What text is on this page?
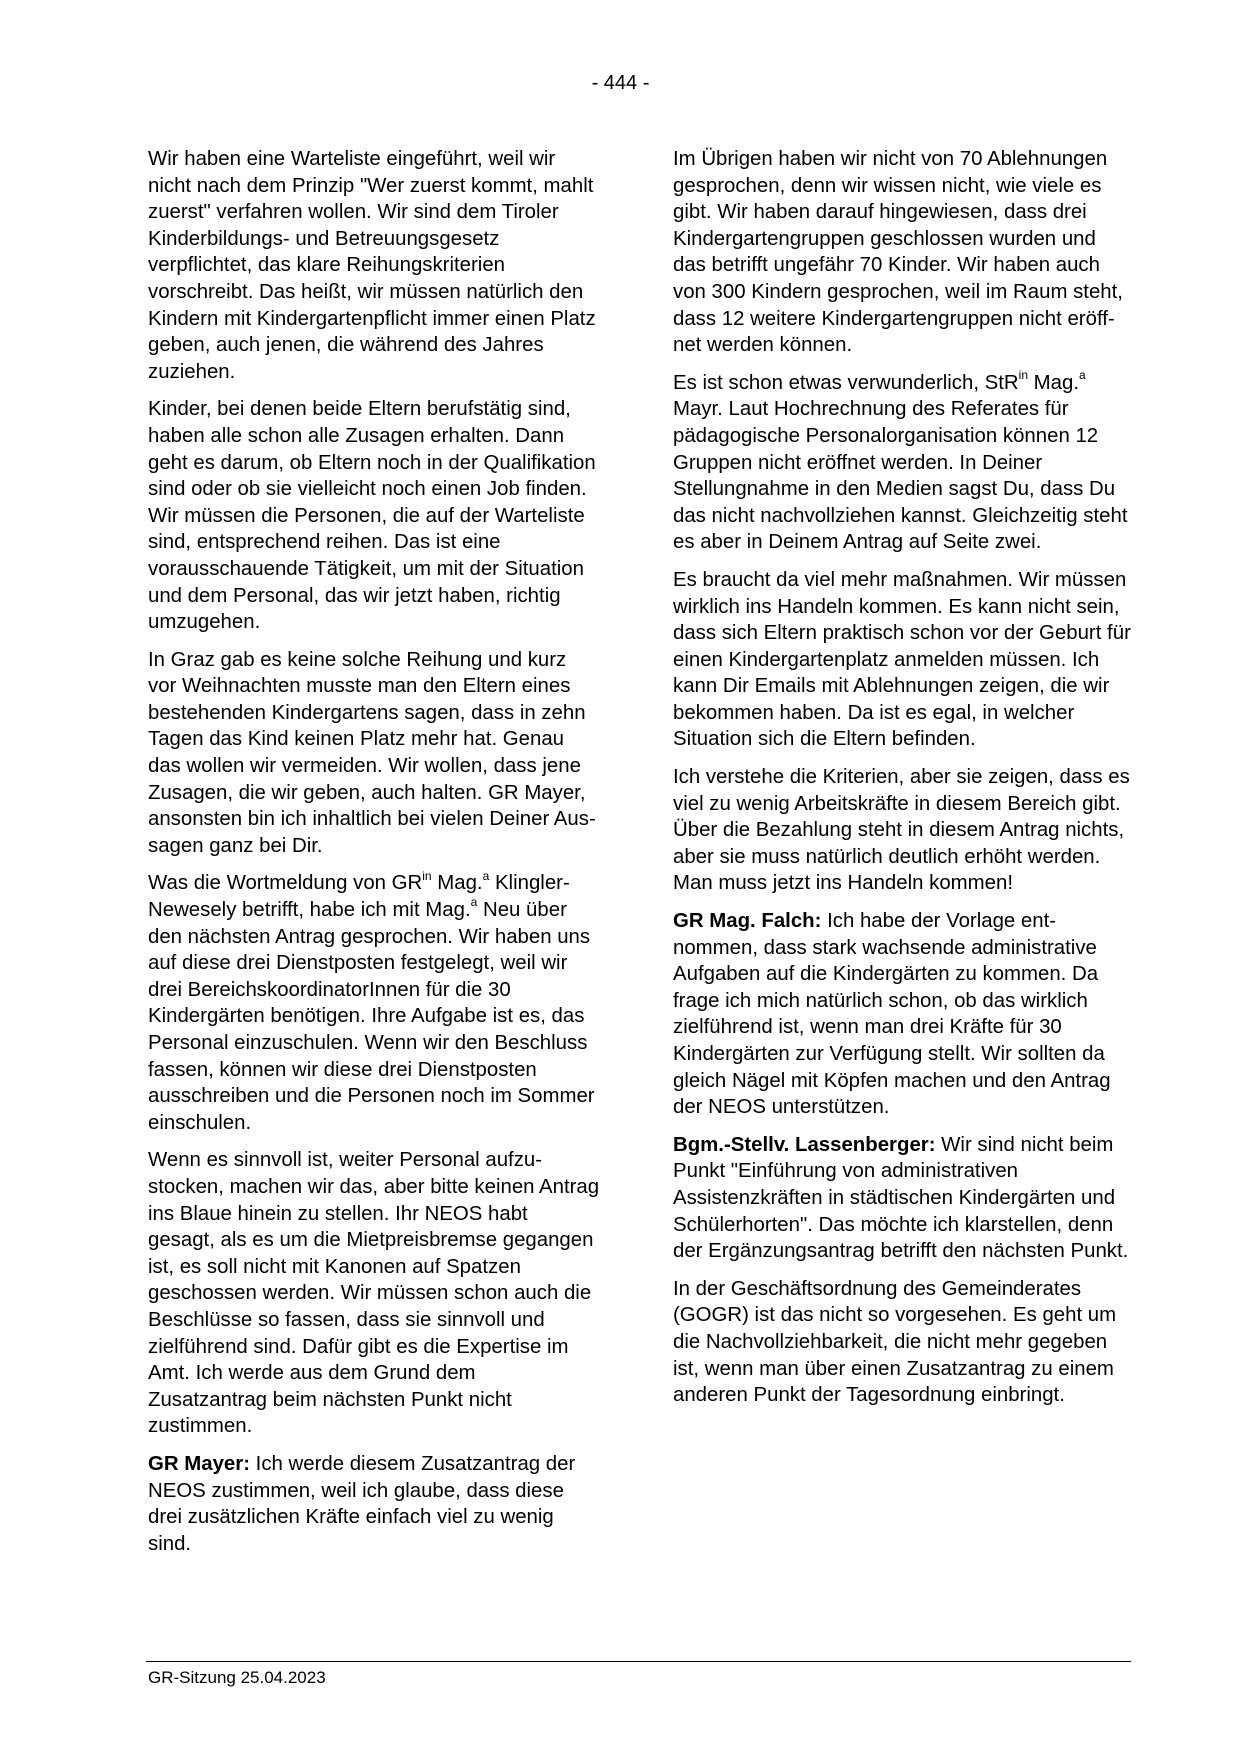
- 444 -

Wir haben eine Warteliste eingeführt, weil wir nicht nach dem Prinzip "Wer zuerst kommt, mahlt zuerst" verfahren wollen. Wir sind dem Tiroler Kinderbildungs- und Betreuungsgesetz verpflichtet, das klare Reihungskriterien vorschreibt. Das heißt, wir müssen natürlich den Kindern mit Kindergartenpflicht immer einen Platz geben, auch jenen, die während des Jahres zuziehen.

Kinder, bei denen beide Eltern berufstätig sind, haben alle schon alle Zusagen erhalten. Dann geht es darum, ob Eltern noch in der Qualifikation sind oder ob sie vielleicht noch einen Job finden. Wir müssen die Personen, die auf der Warteliste sind, entsprechend reihen. Das ist eine vorausschauende Tätigkeit, um mit der Situation und dem Personal, das wir jetzt haben, richtig umzugehen.

In Graz gab es keine solche Reihung und kurz vor Weihnachten musste man den Eltern eines bestehenden Kindergartens sagen, dass in zehn Tagen das Kind keinen Platz mehr hat. Genau das wollen wir vermeiden. Wir wollen, dass jene Zusagen, die wir geben, auch halten. GR Mayer, ansonsten bin ich inhaltlich bei vielen Deiner Aussagen ganz bei Dir.

Was die Wortmeldung von $GR^{in}$ Mag.$^a$ Klingler-Newesely betrifft, habe ich mit Mag.$^a$ Neu über den nächsten Antrag gesprochen. Wir haben uns auf diese drei Dienstposten festgelegt, weil wir drei BereichskoordinatorInnen für die 30 Kindergärten benötigen. Ihre Aufgabe ist es, das Personal einzuschulen. Wenn wir den Beschluss fassen, können wir diese drei Dienstposten ausschreiben und die Personen noch im Sommer einschulen.

Wenn es sinnvoll ist, weiter Personal aufzustocken, machen wir das, aber bitte keinen Antrag ins Blaue hinein zu stellen. Ihr NEOS habt gesagt, als es um die Mietpreisbremse gegangen ist, es soll nicht mit Kanonen auf Spatzen geschossen werden. Wir müssen schon auch die Beschlüsse so fassen, dass sie sinnvoll und zielführend sind. Dafür gibt es die Expertise im Amt. Ich werde aus dem Grund dem Zusatzantrag beim nächsten Punkt nicht zustimmen.

GR Mayer: Ich werde diesem Zusatzantrag der NEOS zustimmen, weil ich glaube, dass diese drei zusätzlichen Kräfte einfach viel zu wenig sind.

Im Übrigen haben wir nicht von 70 Ablehnungen gesprochen, denn wir wissen nicht, wie viele es gibt. Wir haben darauf hingewiesen, dass drei Kindergartengruppen geschlossen wurden und das betrifft ungefähr 70 Kinder. Wir haben auch von 300 Kindern gesprochen, weil im Raum steht, dass 12 weitere Kindergartengruppen nicht eröffnet werden können.

Es ist schon etwas verwunderlich, StR$^{in}$ Mag.$^a$ Mayr. Laut Hochrechnung des Referates für pädagogische Personalorganisation können 12 Gruppen nicht eröffnet werden. In Deiner Stellungnahme in den Medien sagst Du, dass Du das nicht nachvollziehen kannst. Gleichzeitig steht es aber in Deinem Antrag auf Seite zwei.

Es braucht da viel mehr maßnahmen. Wir müssen wirklich ins Handeln kommen. Es kann nicht sein, dass sich Eltern praktisch schon vor der Geburt für einen Kindergartenplatz anmelden müssen. Ich kann Dir Emails mit Ablehnungen zeigen, die wir bekommen haben. Da ist es egal, in welcher Situation sich die Eltern befinden.

Ich verstehe die Kriterien, aber sie zeigen, dass es viel zu wenig Arbeitskräfte in diesem Bereich gibt. Über die Bezahlung steht in diesem Antrag nichts, aber sie muss natürlich deutlich erhöht werden. Man muss jetzt ins Handeln kommen!

GR Mag. Falch: Ich habe der Vorlage entnommen, dass stark wachsende administrative Aufgaben auf die Kindergärten zu kommen. Da frage ich mich natürlich schon, ob das wirklich zielführend ist, wenn man drei Kräfte für 30 Kindergärten zur Verfügung stellt. Wir sollten da gleich Nägel mit Köpfen machen und den Antrag der NEOS unterstützen.

Bgm.-Stellv. Lassenberger: Wir sind nicht beim Punkt "Einführung von administrativen Assistenzkräften in städtischen Kindergärten und Schülerhorten". Das möchte ich klarstellen, denn der Ergänzungsantrag betrifft den nächsten Punkt.

In der Geschäftsordnung des Gemeinderates (GOGR) ist das nicht so vorgesehen. Es geht um die Nachvollziehbarkeit, die nicht mehr gegeben ist, wenn man über einen Zusatzantrag zu einem anderen Punkt der Tagesordnung einbringt.

GR-Sitzung 25.04.2023
